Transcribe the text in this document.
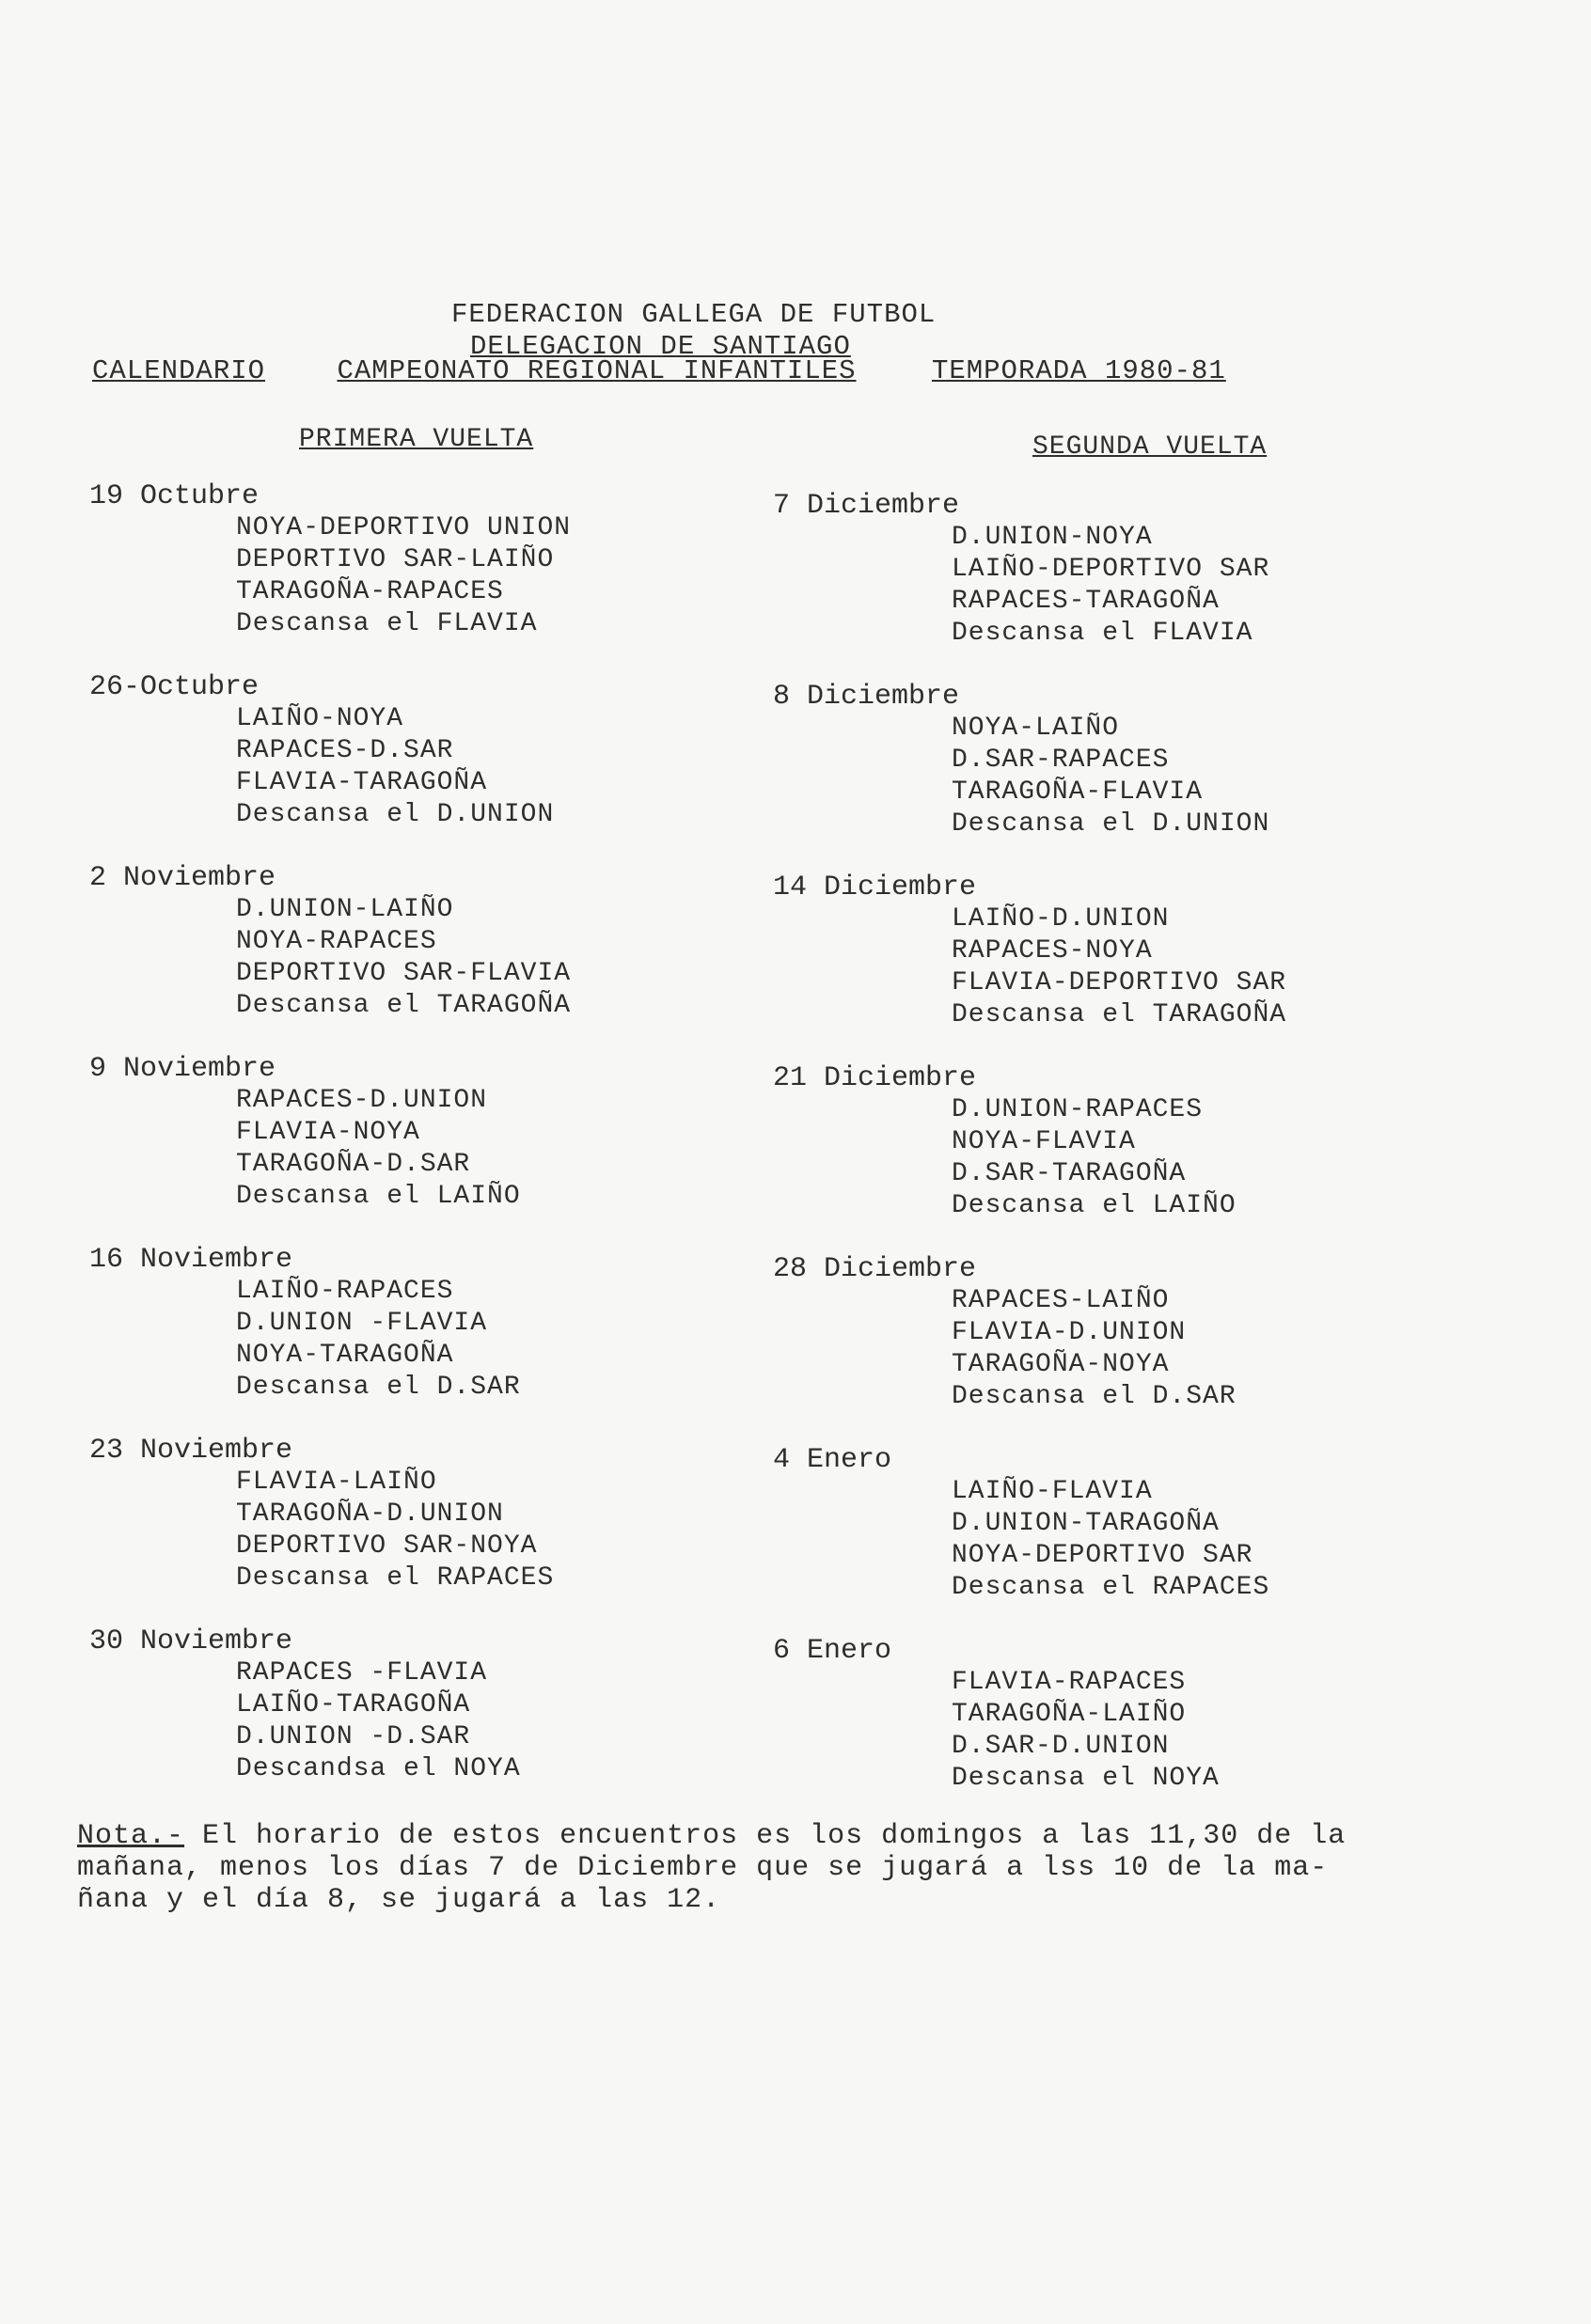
FEDERACION GALLEGA DE FUTBOL
DELEGACION DE SANTIAGO
CALENDARIO	CAMPEONATO REGIONAL INFANTILES	TEMPORADA 1980-81
PRIMERA VUELTA	SEGUNDA VUELTA
19 Octubre
NOYA-DEPORTIVO UNION
DEPORTIVO SAR-LAIÑO
TARAGOÑA-RAPACES
Descansa el FLAVIA
26-Octubre
LAIÑO-NOYA
RAPACES-D.SAR
FLAVIA-TARAGOÑA
Descansa el D.UNION
2 Noviembre
D.UNION-LAIÑO
NOYA-RAPACES
DEPORTIVO SAR-FLAVIA
Descansa el TARAGOÑA
9 Noviembre
RAPACES-D.UNION
FLAVIA-NOYA
TARAGOÑA-D.SAR
Descansa el LAIÑO
16 Noviembre
LAIÑO-RAPACES
D.UNION -FLAVIA
NOYA-TARAGOÑA
Descansa el D.SAR
23 Noviembre
FLAVIA-LAIÑO
TARAGOÑA-D.UNION
DEPORTIVO SAR-NOYA
Descansa el RAPACES
30 Noviembre
RAPACES -FLAVIA
LAIÑO-TARAGOÑA
D.UNION -D.SAR
Descandsa el NOYA
7 Diciembre
D.UNION-NOYA
LAIÑO-DEPORTIVO SAR
RAPACES-TARAGOÑA
Descansa el FLAVIA
8 Diciembre
NOYA-LAIÑO
D.SAR-RAPACES
TARAGOÑA-FLAVIA
Descansa el D.UNION
14 Diciembre
LAIÑO-D.UNION
RAPACES-NOYA
FLAVIA-DEPORTIVO SAR
Descansa el TARAGOÑA
21 Diciembre
D.UNION-RAPACES
NOYA-FLAVIA
D.SAR-TARAGOÑA
Descansa el LAIÑO
28 Diciembre
RAPACES-LAIÑO
FLAVIA-D.UNION
TARAGOÑA-NOYA
Descansa el D.SAR
4 Enero
LAIÑO-FLAVIA
D.UNION-TARAGOÑA
NOYA-DEPORTIVO SAR
Descansa el RAPACES
6 Enero
FLAVIA-RAPACES
TARAGOÑA-LAIÑO
D.SAR-D.UNION
Descansa el NOYA

Nota.- El horario de estos encuentros es los domingos a las 11,30 de la

mañana, menos los días 7 de Diciembre que se jugará a lss 10 de la ma-

ñana y el día 8, se jugará a las 12.
